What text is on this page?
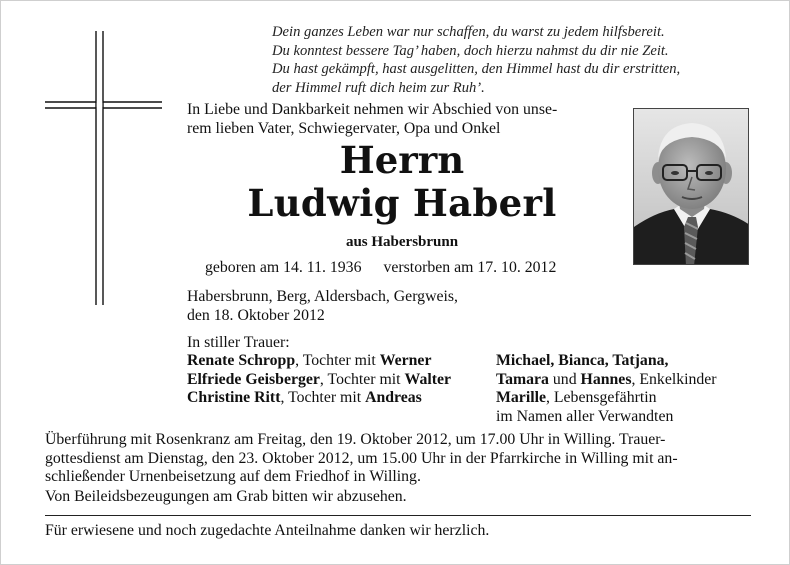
Dein ganzes Leben war nur schaffen, du warst zu jedem hilfsbereit.
Du konntest bessere Tag’ haben, doch hierzu nahmst du dir nie Zeit.
Du hast gekämpft, hast ausgelitten, den Himmel hast du dir erstritten,
der Himmel ruft dich heim zur Ruh’.
In Liebe und Dankbarkeit nehmen wir Abschied von unse-
rem lieben Vater, Schwiegervater, Opa und Onkel
Herrn
Ludwig Haberl
aus Habersbrunn
geboren am 14. 11. 1936 verstorben am 17. 10. 2012
Habersbrunn, Berg, Aldersbach, Gergweis,
den 18. Oktober 2012
In stiller Trauer:
Renate Schropp, Tochter mit Werner
Elfriede Geisberger, Tochter mit Walter
Christine Ritt, Tochter mit Andreas
Michael, Bianca, Tatjana,
Tamara und Hannes, Enkelkinder
Marille, Lebensgefährtin
im Namen aller Verwandten
Überführung mit Rosenkranz am Freitag, den 19. Oktober 2012, um 17.00 Uhr in Willing. Trauer-
gottesdienst am Dienstag, den 23. Oktober 2012, um 15.00 Uhr in der Pfarrkirche in Willing mit an-
schließender Urnenbeisetzung auf dem Friedhof in Willing.
Von Beileidsbezeugungen am Grab bitten wir abzusehen.
Für erwiesene und noch zugedachte Anteilnahme danken wir herzlich.
